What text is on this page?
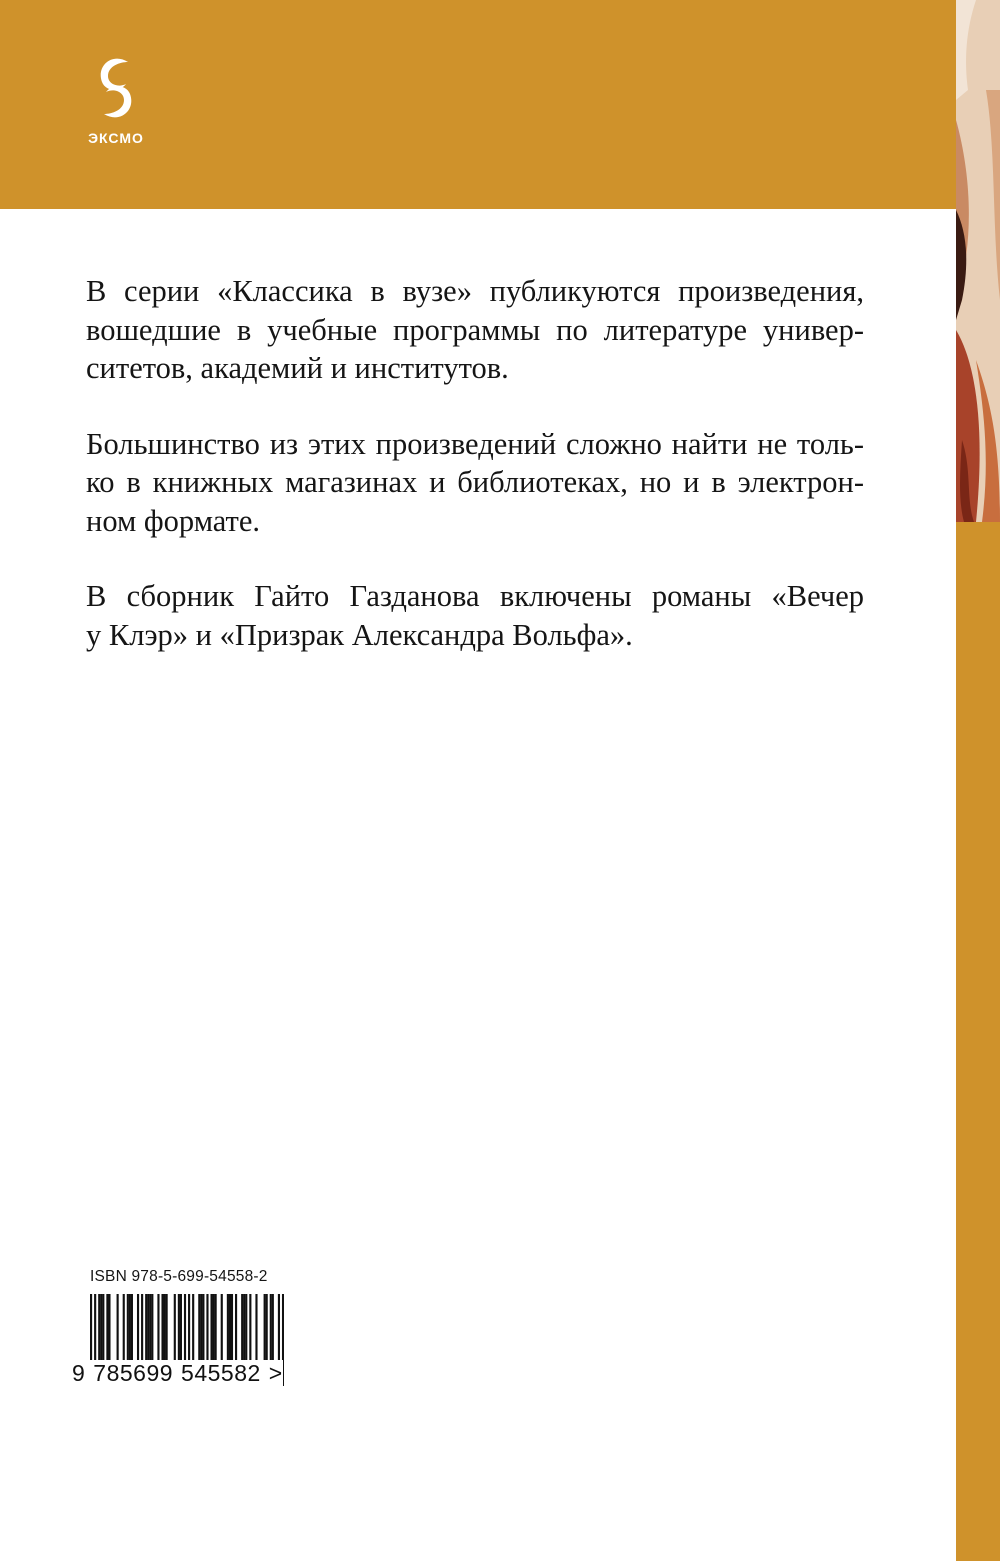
ЭКСМО
В серии «Классика в вузе» публикуются произведения,
вошедшие в учебные программы по литературе универ-
ситетов, академий и институтов.
Большинство из этих произведений сложно найти не толь-
ко в книжных магазинах и библиотеках, но и в электрон-
ном формате.
В сборник Гайто Газданова включены романы «Вечер
у Клэр» и «Призрак Александра Вольфа».
ISBN 978-5-699-54558-2
9 785699 545582 >
